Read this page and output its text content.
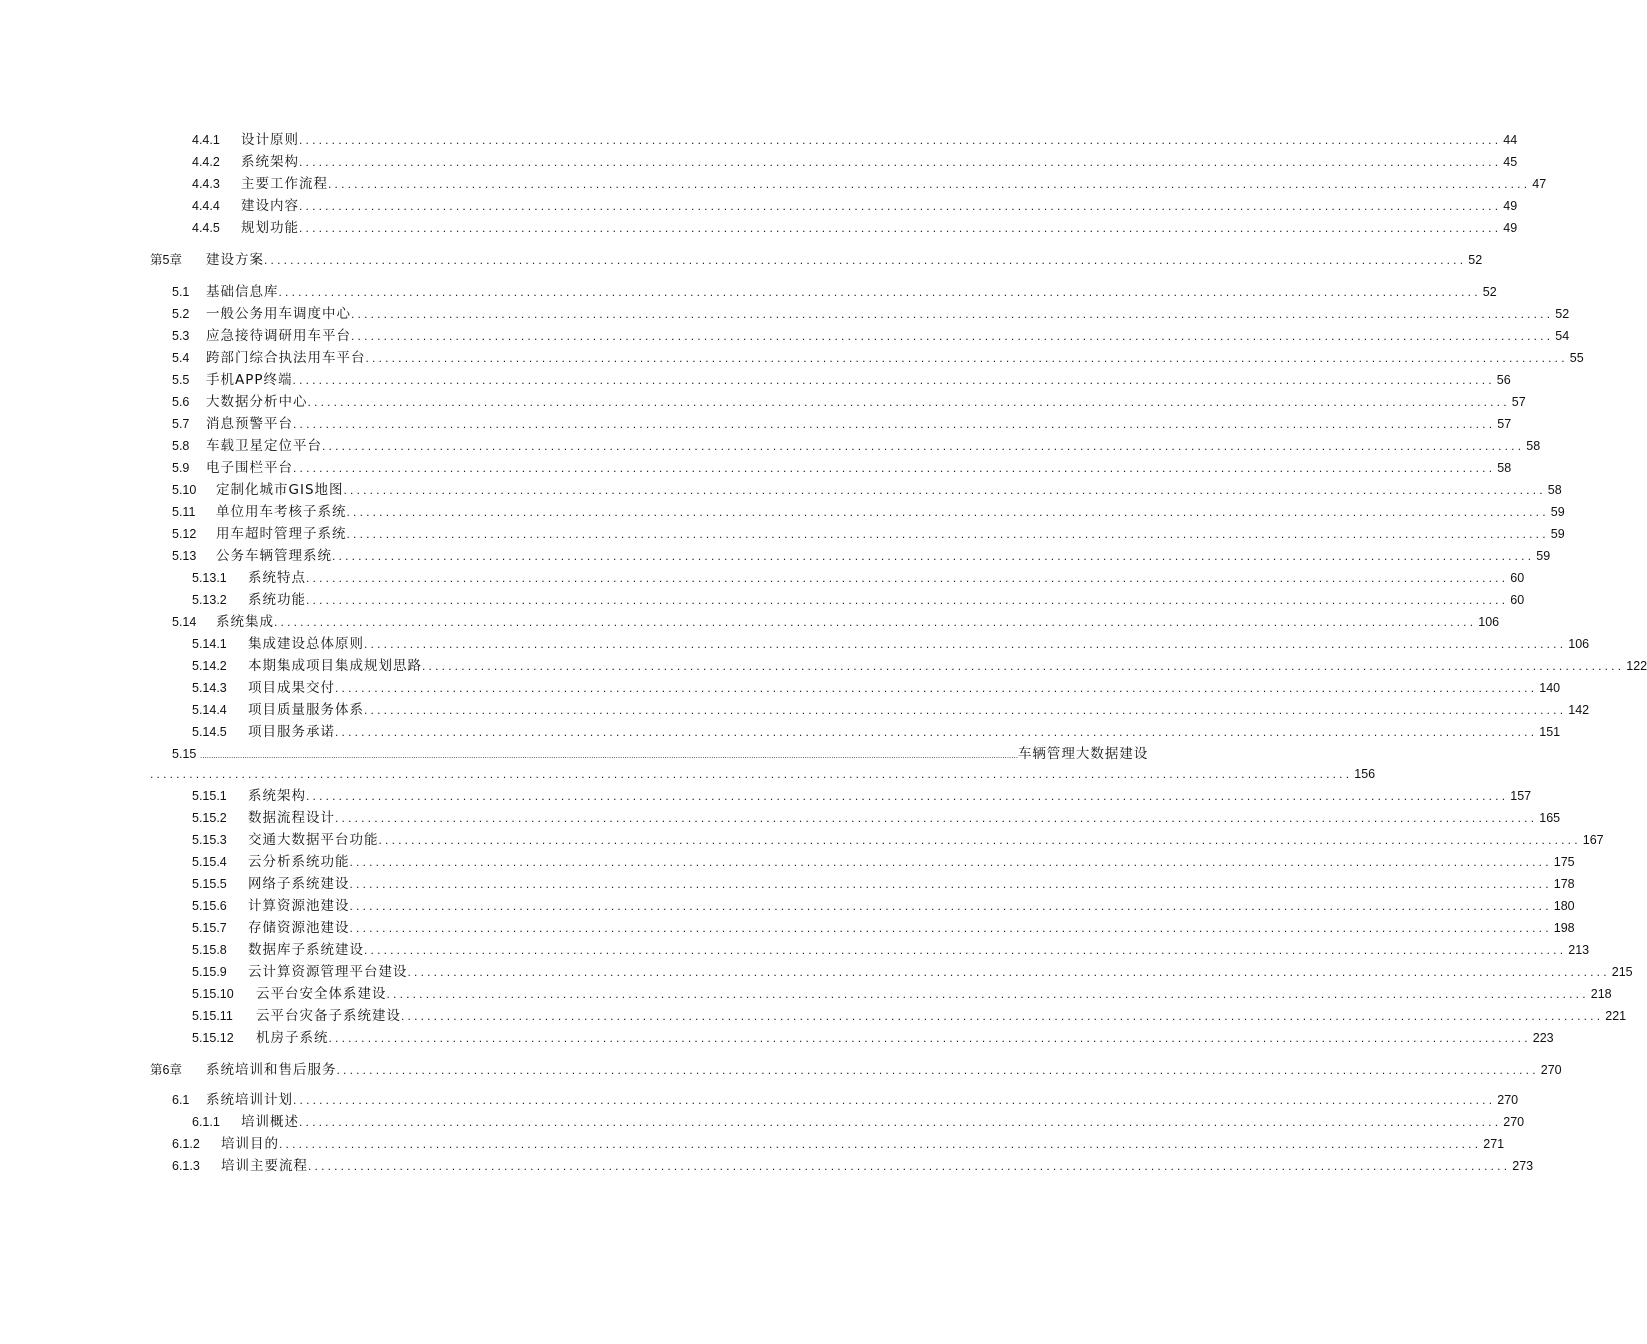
4.4.1 设计原则 ........................................................................................................................................................................................ 44
4.4.2 系统架构 ........................................................................................................................................................................................ 45
4.4.3 主要工作流程 ........................................................................................................................................................................................ 47
4.4.4 建设内容 ........................................................................................................................................................................................ 49
4.4.5 规划功能 ........................................................................................................................................................................................ 49
第5章 建设方案 ........................................................................................................................................................................................ 52
5.1 基础信息库 ........................................................................................................................................................................................ 52
5.2 一般公务用车调度中心 ........................................................................................................................................................................................ 52
5.3 应急接待调研用车平台 ........................................................................................................................................................................................ 54
5.4 跨部门综合执法用车平台 ........................................................................................................................................................................................ 55
5.5 手机APP终端 ........................................................................................................................................................................................ 56
5.6 大数据分析中心 ........................................................................................................................................................................................ 57
5.7 消息预警平台 ........................................................................................................................................................................................ 57
5.8 车载卫星定位平台 ........................................................................................................................................................................................ 58
5.9 电子围栏平台 ........................................................................................................................................................................................ 58
5.10 定制化城市GIS地图 ........................................................................................................................................................................................ 58
5.11 单位用车考核子系统 ........................................................................................................................................................................................ 59
5.12 用车超时管理子系统 ........................................................................................................................................................................................ 59
5.13 公务车辆管理系统 ........................................................................................................................................................................................ 59
5.13.1 系统特点 ........................................................................................................................................................................................ 60
5.13.2 系统功能 ........................................................................................................................................................................................ 60
5.14 系统集成 ........................................................................................................................................................................................ 106
5.14.1 集成建设总体原则 ........................................................................................................................................................................................ 106
5.14.2 本期集成项目集成规划思路 ........................................................................................................................................................................................ 122
5.14.3 项目成果交付 ........................................................................................................................................................................................ 140
5.14.4 项目质量服务体系 ........................................................................................................................................................................................ 142
5.14.5 项目服务承诺 ........................................................................................................................................................................................ 151
5.15 ................................................................................................................................................................................................................................................................................................................................................................................ 车辆管理大数据建设
........................................................................................................................................................................................ 156
5.15.1 系统架构 ........................................................................................................................................................................................ 157
5.15.2 数据流程设计 ........................................................................................................................................................................................ 165
5.15.3 交通大数据平台功能 ........................................................................................................................................................................................ 167
5.15.4 云分析系统功能 ........................................................................................................................................................................................ 175
5.15.5 网络子系统建设 ........................................................................................................................................................................................ 178
5.15.6 计算资源池建设 ........................................................................................................................................................................................ 180
5.15.7 存储资源池建设 ........................................................................................................................................................................................ 198
5.15.8 数据库子系统建设 ........................................................................................................................................................................................ 213
5.15.9 云计算资源管理平台建设 ........................................................................................................................................................................................ 215
5.15.10 云平台安全体系建设 ........................................................................................................................................................................................ 218
5.15.11 云平台灾备子系统建设 ........................................................................................................................................................................................ 221
5.15.12 机房子系统 ........................................................................................................................................................................................ 223
第6章 系统培训和售后服务 ........................................................................................................................................................................................ 270
6.1 系统培训计划 ........................................................................................................................................................................................ 270
6.1.1 培训概述 ........................................................................................................................................................................................ 270
6.1.2 培训目的 ........................................................................................................................................................................................ 271
6.1.3 培训主要流程 ........................................................................................................................................................................................ 273
